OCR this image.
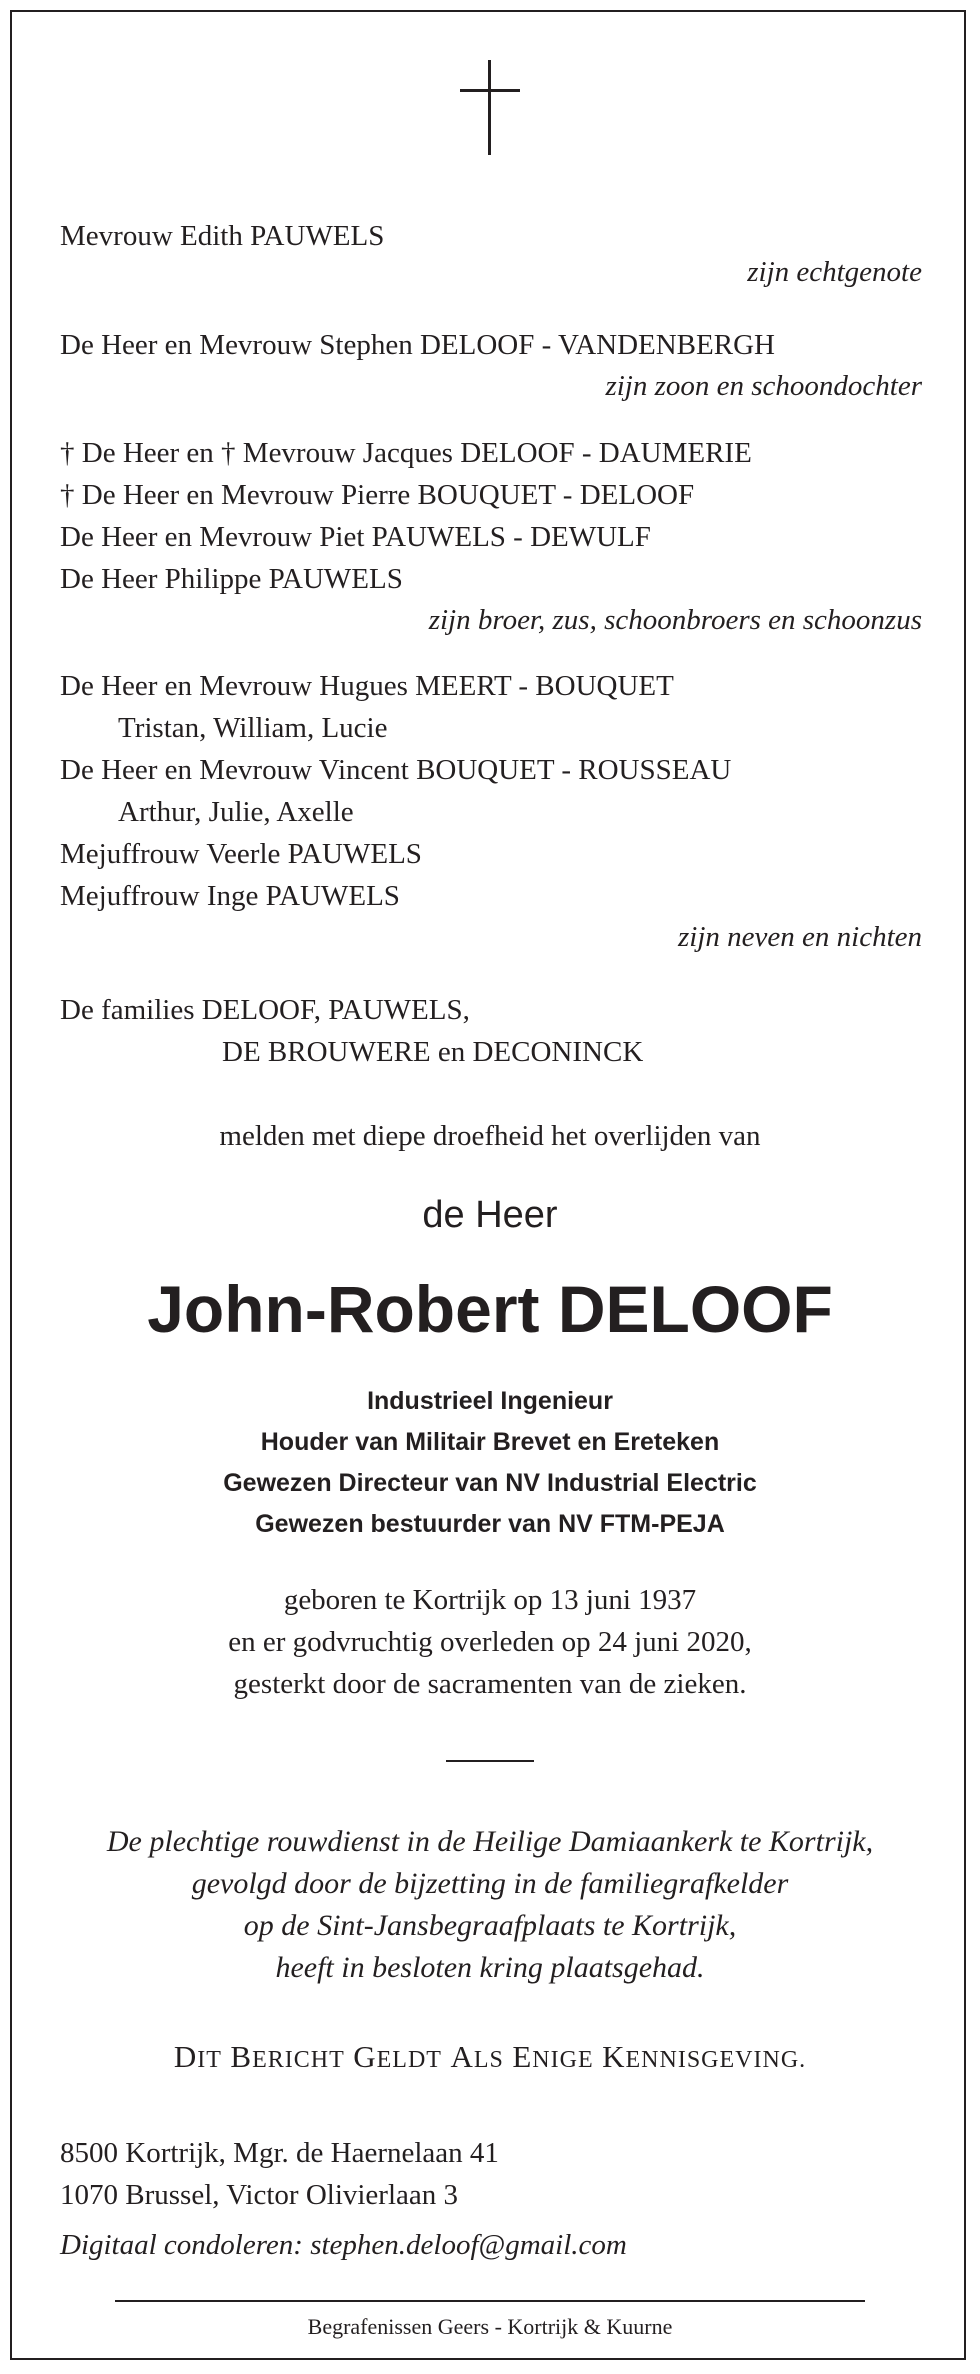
Mevrouw Edith PAUWELS
zijn echtgenote
De Heer en Mevrouw Stephen DELOOF - VANDENBERGH
zijn zoon en schoondochter
† De Heer en † Mevrouw Jacques DELOOF - DAUMERIE
† De Heer en Mevrouw Pierre BOUQUET - DELOOF
De Heer en Mevrouw Piet PAUWELS - DEWULF
De Heer Philippe PAUWELS
zijn broer, zus, schoonbroers en schoonzus
De Heer en Mevrouw Hugues MEERT - BOUQUET
Tristan, William, Lucie
De Heer en Mevrouw Vincent BOUQUET - ROUSSEAU
Arthur, Julie, Axelle
Mejuffrouw Veerle PAUWELS
Mejuffrouw Inge PAUWELS
zijn neven en nichten
De families DELOOF, PAUWELS,
DE BROUWERE en DECONINCK
melden met diepe droefheid het overlijden van
de Heer
John-Robert DELOOF
Industrieel Ingenieur
Houder van Militair Brevet en Ereteken
Gewezen Directeur van NV Industrial Electric
Gewezen bestuurder van NV FTM-PEJA
geboren te Kortrijk op 13 juni 1937
en er godvruchtig overleden op 24 juni 2020,
gesterkt door de sacramenten van de zieken.
De plechtige rouwdienst in de Heilige Damiaankerk te Kortrijk,
gevolgd door de bijzetting in de familiegrafkelder
op de Sint-Jansbegraafplaats te Kortrijk,
heeft in besloten kring plaatsgehad.
DIT BERICHT GELDT ALS ENIGE KENNISGEVING.
8500 Kortrijk, Mgr. de Haernelaan 41
1070 Brussel, Victor Olivierlaan 3
Digitaal condoleren: stephen.deloof@gmail.com
Begrafenissen Geers - Kortrijk & Kuurne
